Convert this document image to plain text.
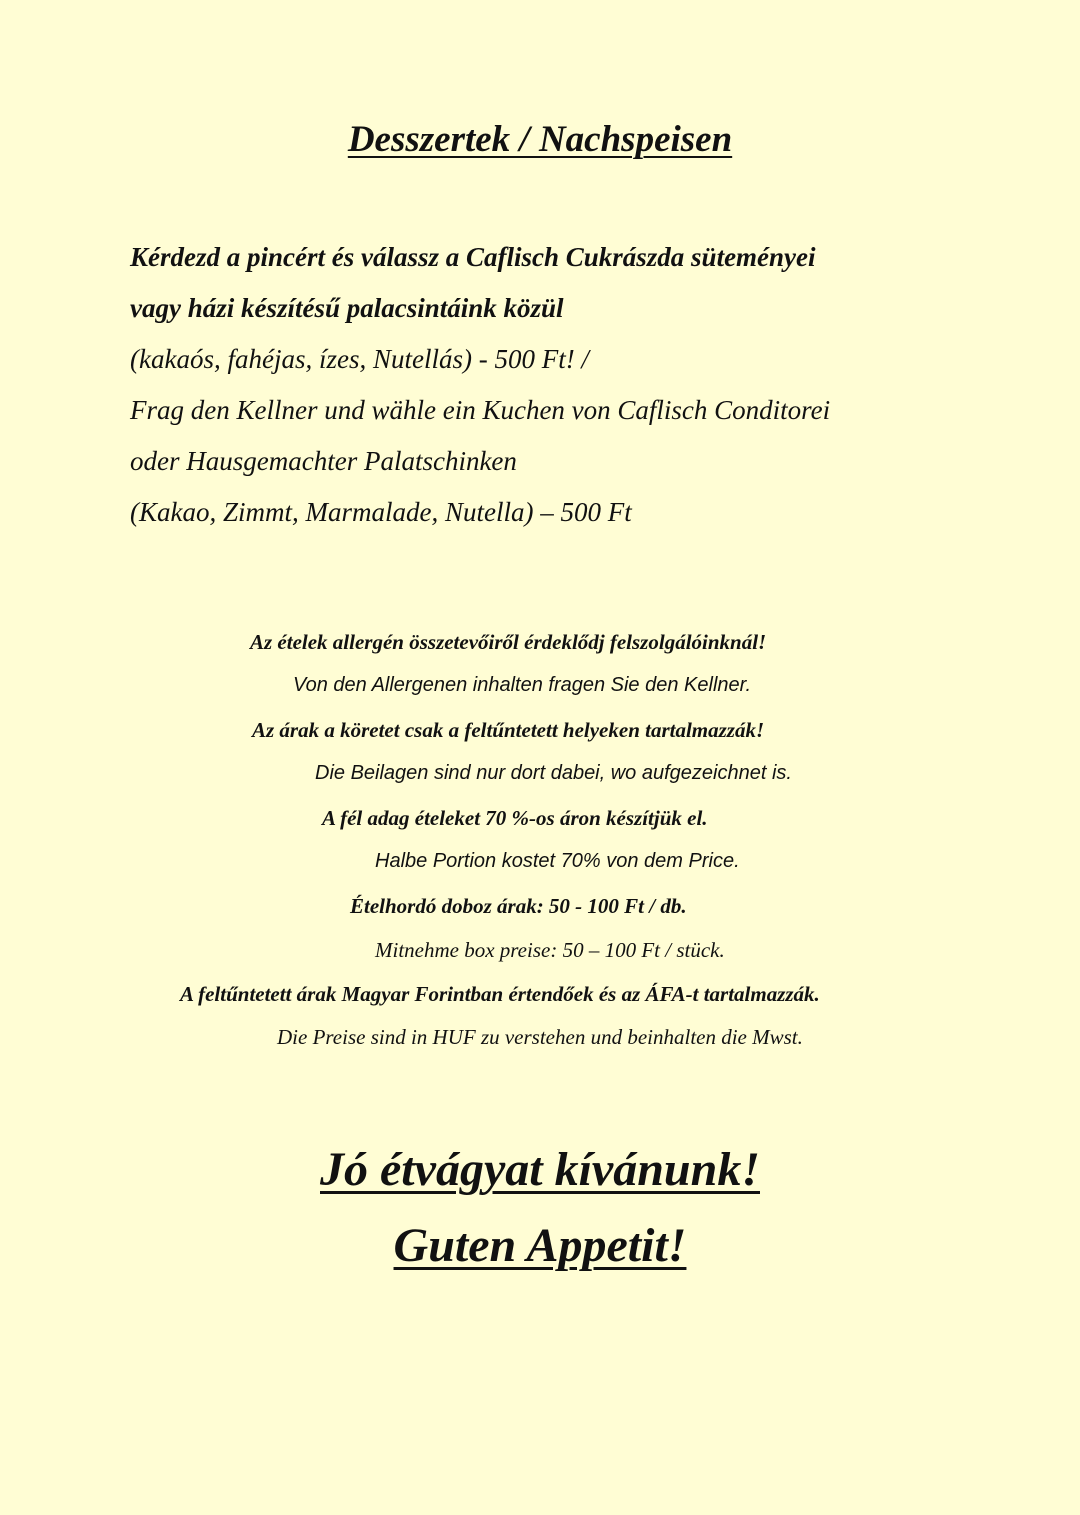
Desszertek / Nachspeisen
Kérdezd a pincért és válassz a Caflisch Cukrászda süteményei
vagy házi készítésű palacsintáink közül
(kakaós, fahéjas, ízes, Nutellás) - 500 Ft! /
Frag den Kellner und wähle ein Kuchen von Caflisch Conditorei
oder Hausgemachter Palatschinken
(Kakao, Zimmt, Marmalade, Nutella) – 500 Ft
Az ételek allergén összetevőiről érdeklődj felszolgálóinknál!
Von den Allergenen inhalten fragen Sie den Kellner.
Az árak a köretet csak a feltűntetett helyeken tartalmazzák!
Die Beilagen sind nur dort dabei, wo aufgezeichnet is.
A fél adag ételeket 70 %-os áron készítjük el.
Halbe Portion kostet 70% von dem Price.
Ételhordó doboz árak: 50 - 100 Ft / db.
Mitnehme box preise: 50 – 100 Ft / stück.
A feltűntetett árak Magyar Forintban értendőek és az ÁFA-t tartalmazzák.
Die Preise sind in HUF zu verstehen und beinhalten die Mwst.
Jó étvágyat kívánunk!
Guten Appetit!
